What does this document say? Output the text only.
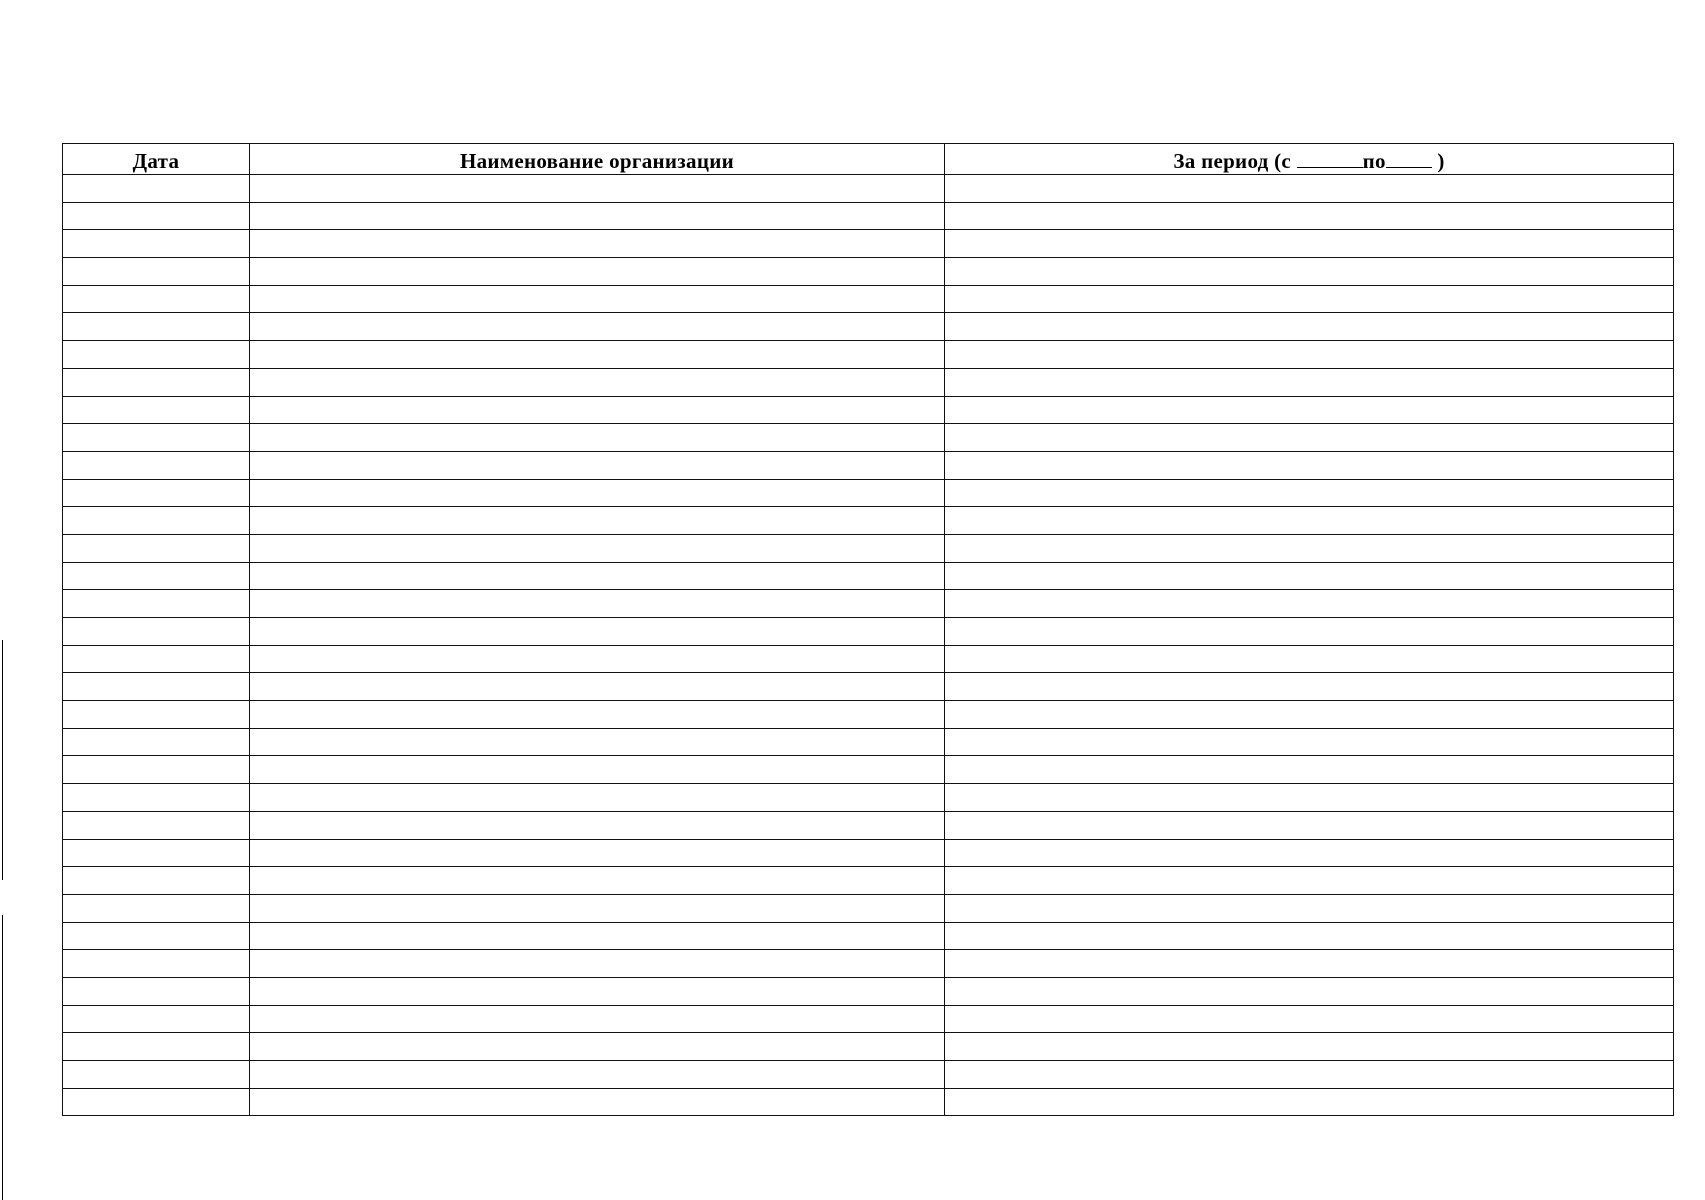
Дата	Наименование организации	За период (с по )
